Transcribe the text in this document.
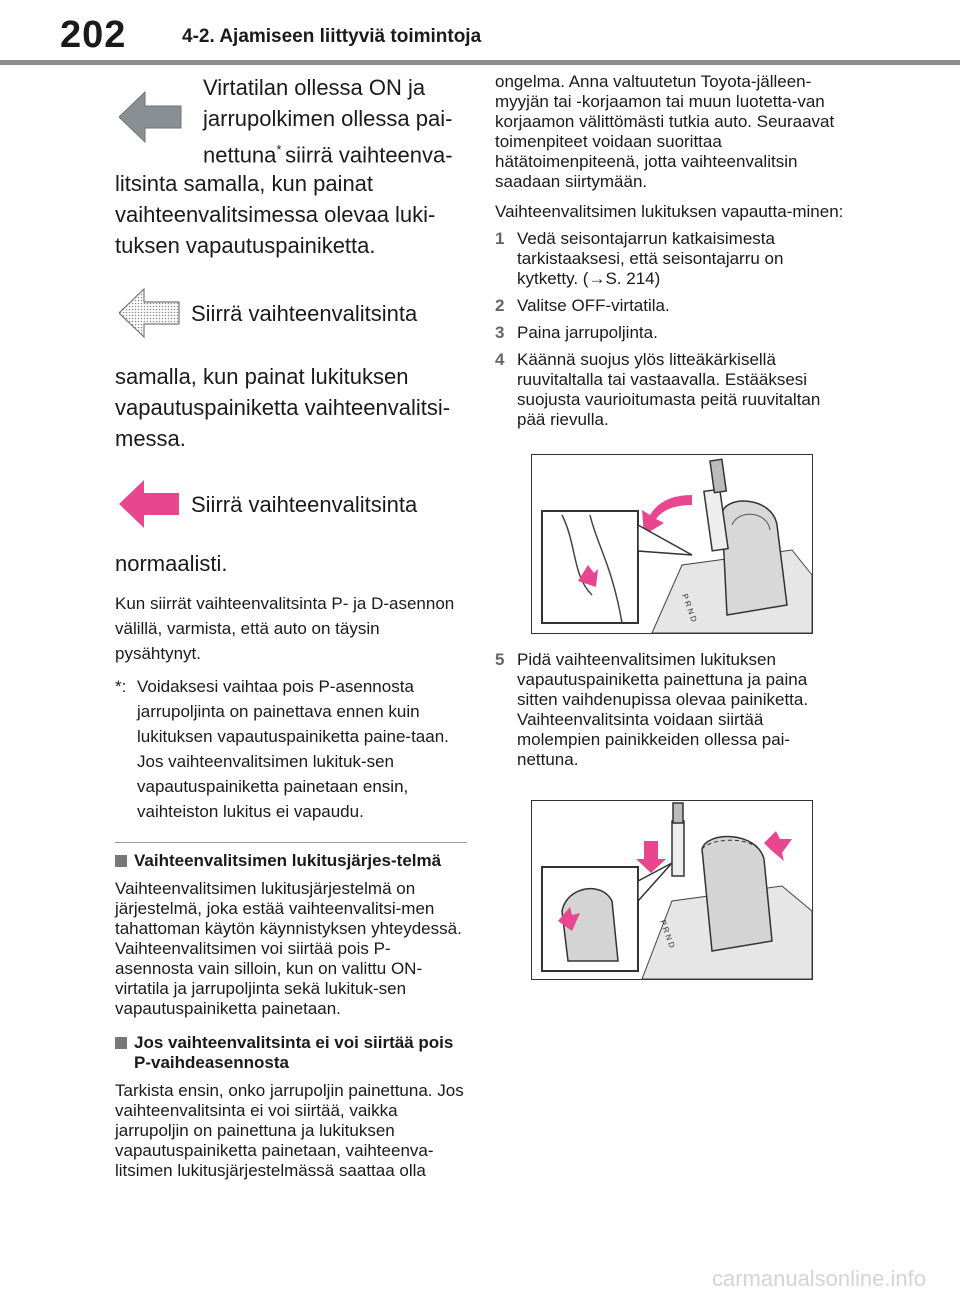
202	4-2. Ajamiseen liittyviä toimintoja
Virtatilan ollessa ON ja
jarrupolkimen ollessa pai-
nettuna* siirrä vaihteenva-

litsinta samalla, kun painat vaihteenvalitsimessa olevaa luki-tuksen vapautuspainiketta.

Siirrä vaihteenvalitsinta

samalla, kun painat lukituksen vapautuspainiketta vaihteenvalitsi-messa.

Siirrä vaihteenvalitsinta

normaalisti.

Kun siirrät vaihteenvalitsinta P- ja D-asennon välillä, varmista, että auto on täysin pysähtynyt.

*: Voidaksesi vaihtaa pois P-asennosta jarrupoljinta on painettava ennen kuin lukituksen vapautuspainiketta paine-taan. Jos vaihteenvalitsimen lukituk-sen vapautuspainiketta painetaan ensin, vaihteiston lukitus ei vapaudu.
Vaihteenvalitsimen lukitusjärjes-telmä

Vaihteenvalitsimen lukitusjärjestelmä on järjestelmä, joka estää vaihteenvalitsi-men tahattoman käytön käynnistyksen yhteydessä.

Vaihteenvalitsimen voi siirtää pois P-asennosta vain silloin, kun on valittu ON-virtatila ja jarrupoljinta sekä lukituk-sen vapautuspainiketta painetaan.

Jos vaihteenvalitsinta ei voi siirtää pois P-vaihdeasennosta

Tarkista ensin, onko jarrupoljin painettuna. Jos vaihteenvalitsinta ei voi siirtää, vaikka jarrupoljin on painettuna ja lukituksen vapautuspainiketta painetaan, vaihteenva-litsimen lukitusjärjestelmässä saattaa olla

ongelma. Anna valtuutetun Toyota-jälleen-myyjän tai -korjaamon tai muun luotetta-van korjaamon välittömästi tutkia auto. Seuraavat toimenpiteet voidaan suorittaa hätätoimenpiteenä, jotta vaihteenvalitsin saadaan siirtymään.

Vaihteenvalitsimen lukituksen vapautta-minen:

1 Vedä seisontajarrun katkaisimesta tarkistaaksesi, että seisontajarru on kytketty. (→S. 214)
2 Valitse OFF-virtatila.
3 Paina jarrupoljinta.
4 Käännä suojus ylös litteäkärkisellä ruuvitaltalla tai vastaavalla. Estääksesi suojusta vaurioitumasta peitä ruuvitaltan pää rievulla.
P R N D
5 Pidä vaihteenvalitsimen lukituksen vapautuspainiketta painettuna ja paina sitten vaihdenupissa olevaa painiketta. Vaihteenvalitsinta voidaan siirtää molempien painikkeiden ollessa pai-nettuna.
P R N D
carmanualsonline.info
